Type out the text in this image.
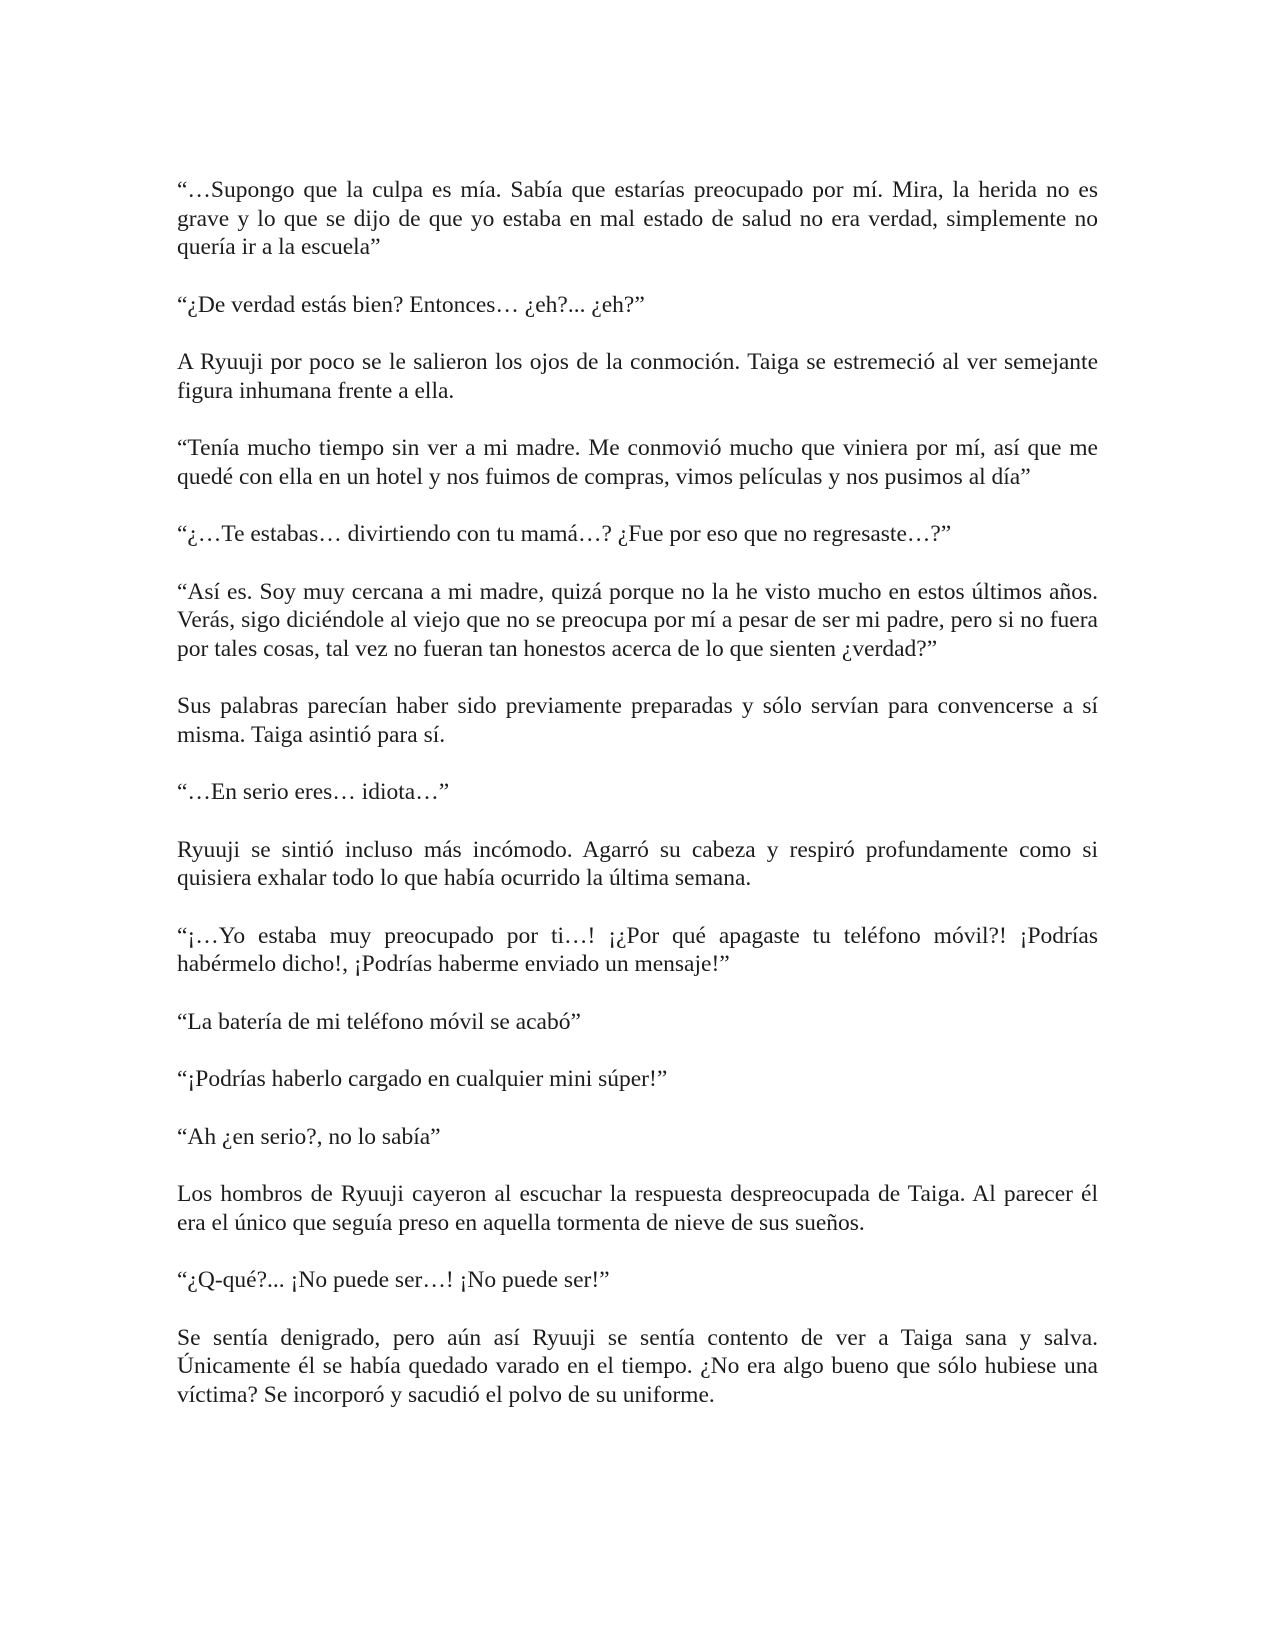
“…Supongo que la culpa es mía. Sabía que estarías preocupado por mí. Mira, la herida no es grave y lo que se dijo de que yo estaba en mal estado de salud no era verdad, simplemente no quería ir a la escuela”

“¿De verdad estás bien? Entonces… ¿eh?... ¿eh?”

A Ryuuji por poco se le salieron los ojos de la conmoción. Taiga se estremeció al ver semejante figura inhumana frente a ella.

“Tenía mucho tiempo sin ver a mi madre. Me conmovió mucho que viniera por mí, así que me quedé con ella en un hotel y nos fuimos de compras, vimos películas y nos pusimos al día”

“¿…Te estabas… divirtiendo con tu mamá…? ¿Fue por eso que no regresaste…?”

“Así es. Soy muy cercana a mi madre, quizá porque no la he visto mucho en estos últimos años. Verás, sigo diciéndole al viejo que no se preocupa por mí a pesar de ser mi padre, pero si no fuera por tales cosas, tal vez no fueran tan honestos acerca de lo que sienten ¿verdad?”

Sus palabras parecían haber sido previamente preparadas y sólo servían para convencerse a sí misma. Taiga asintió para sí.

“…En serio eres… idiota…”

Ryuuji se sintió incluso más incómodo. Agarró su cabeza y respiró profundamente como si quisiera exhalar todo lo que había ocurrido la última semana.

“¡…Yo estaba muy preocupado por ti…! ¡¿Por qué apagaste tu teléfono móvil?! ¡Podrías habérmelo dicho!, ¡Podrías haberme enviado un mensaje!”

“La batería de mi teléfono móvil se acabó”

“¡Podrías haberlo cargado en cualquier mini súper!”

“Ah ¿en serio?, no lo sabía”

Los hombros de Ryuuji cayeron al escuchar la respuesta despreocupada de Taiga. Al parecer él era el único que seguía preso en aquella tormenta de nieve de sus sueños.

“¿Q-qué?... ¡No puede ser…! ¡No puede ser!”

Se sentía denigrado, pero aún así Ryuuji se sentía contento de ver a Taiga sana y salva. Únicamente él se había quedado varado en el tiempo. ¿No era algo bueno que sólo hubiese una víctima? Se incorporó y sacudió el polvo de su uniforme.
